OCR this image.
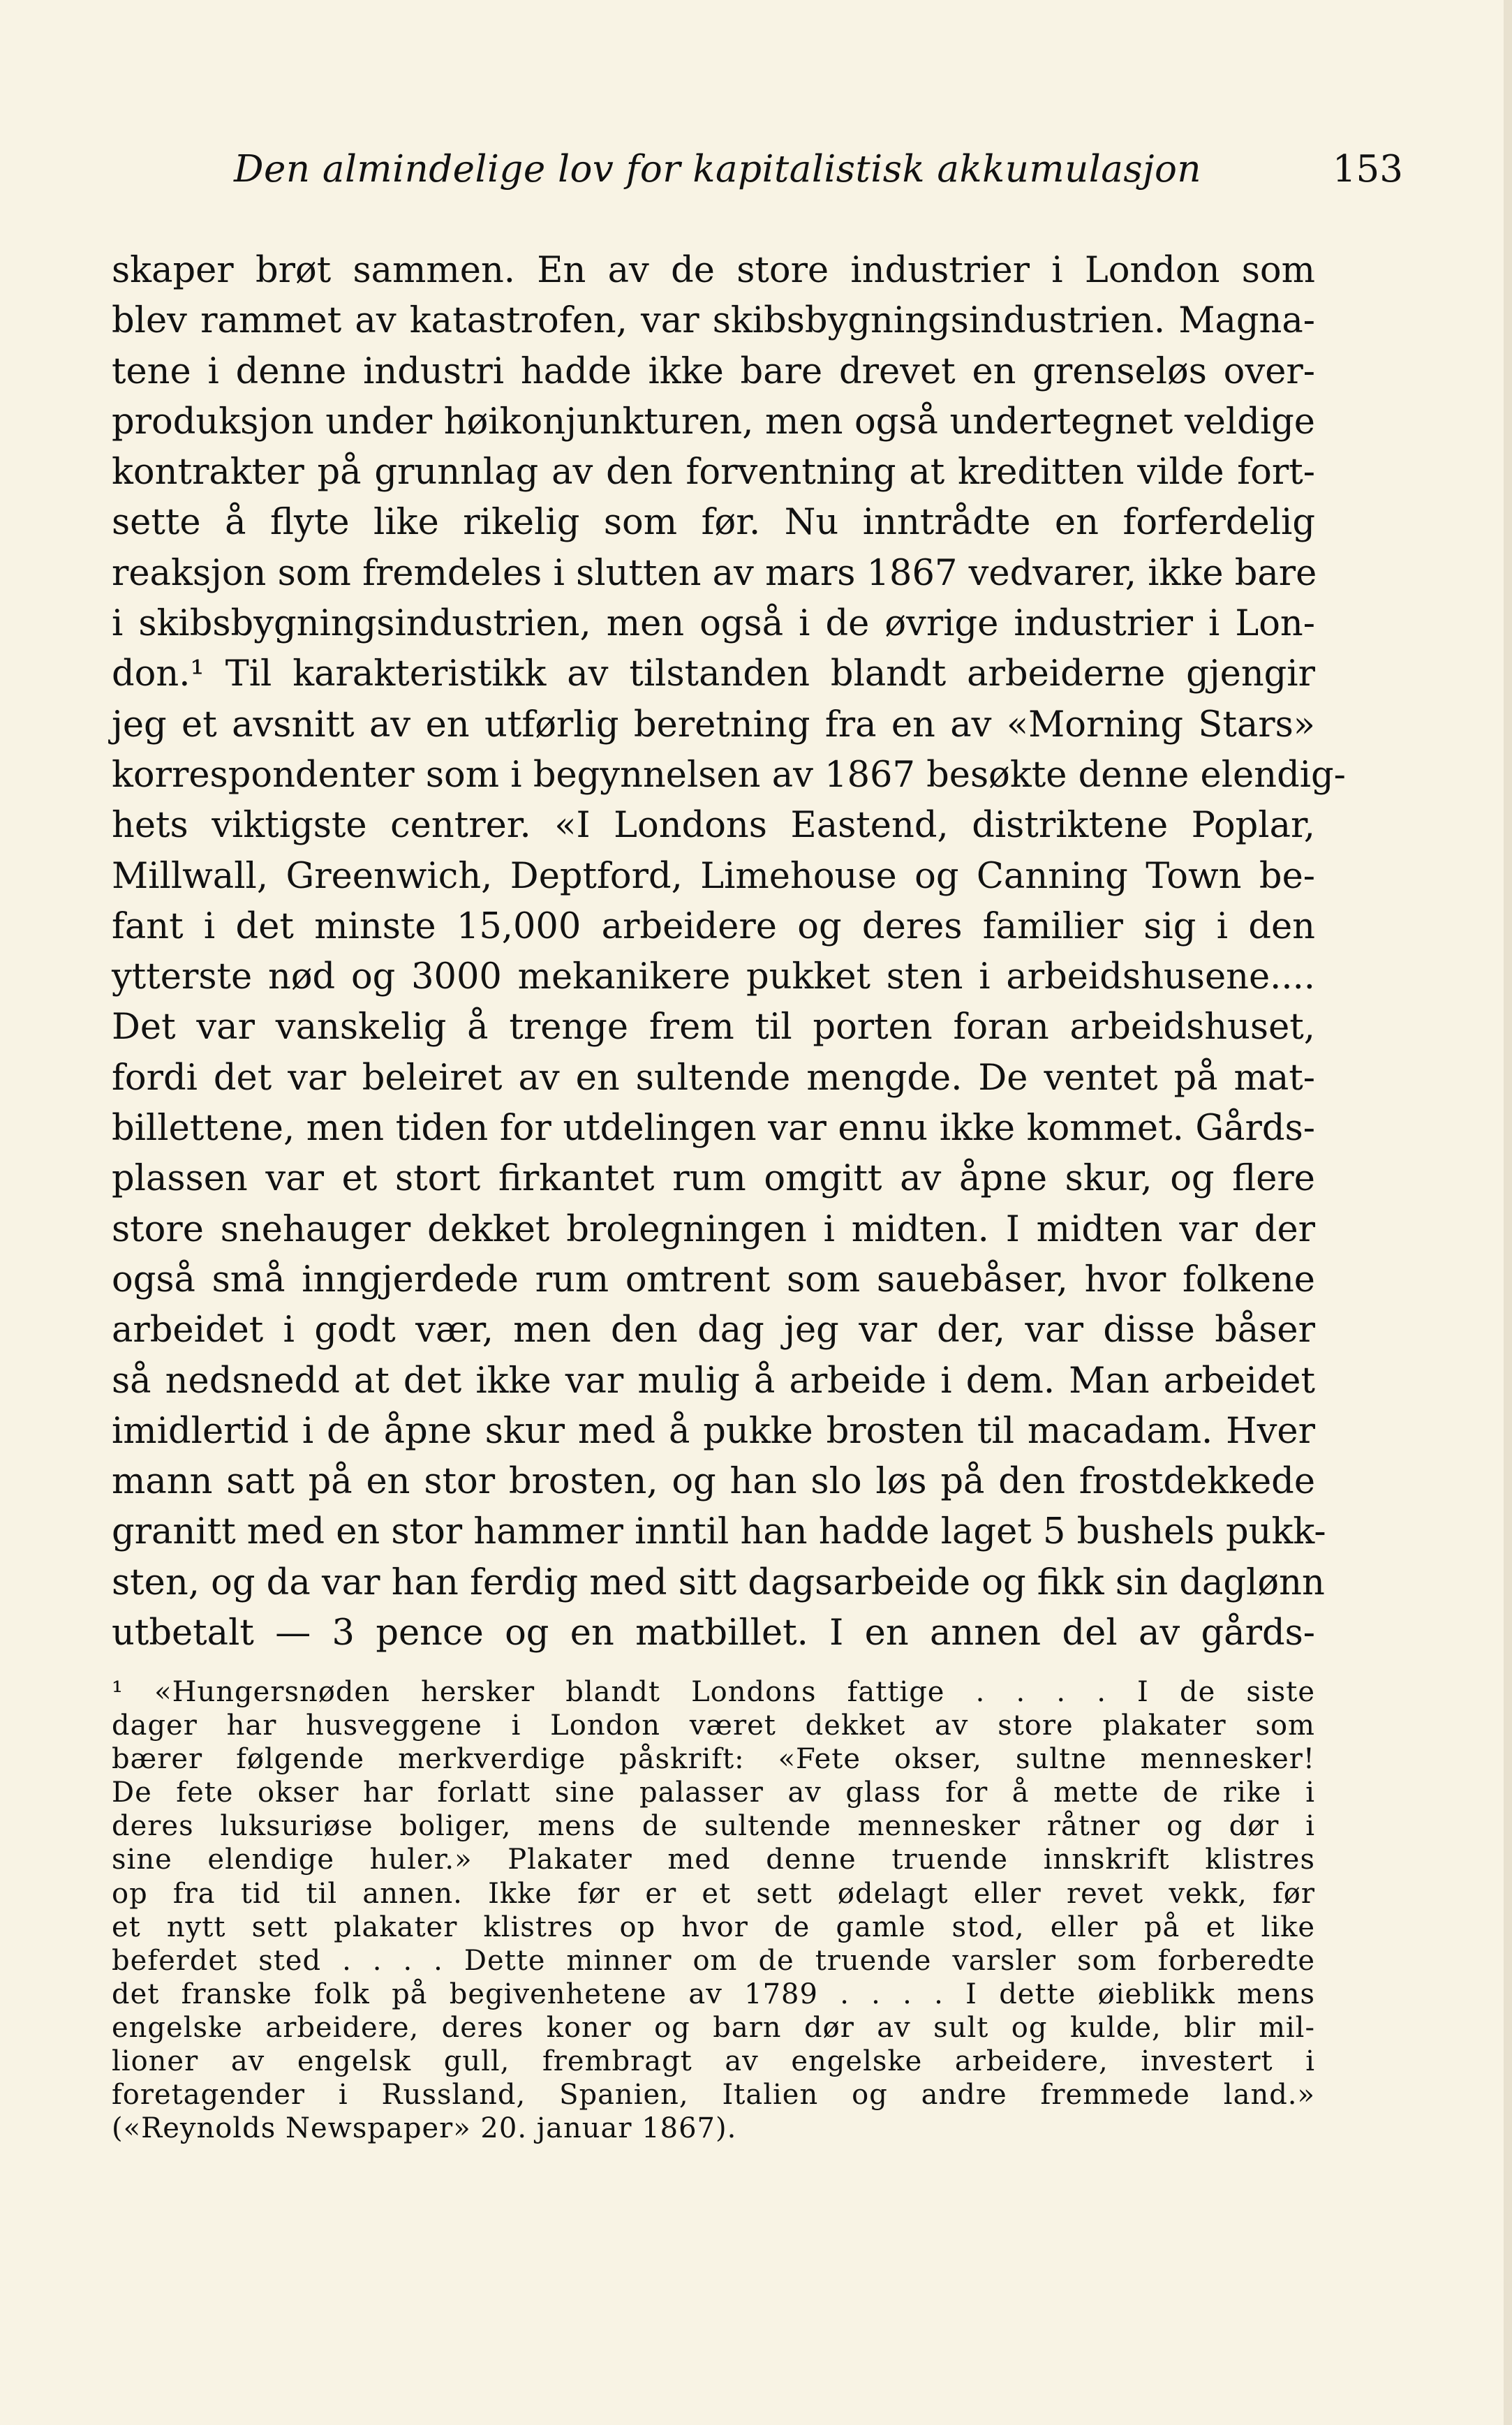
Den almindelige lov for kapitalistisk akkumulasjon	153
skaper brøt sammen. En av de store industrier i London som
blev rammet av katastrofen, var skibsbygningsindustrien. Magna-
tene i denne industri hadde ikke bare drevet en grenseløs over-
produksjon under høikonjunkturen, men også undertegnet veldige
kontrakter på grunnlag av den forventning at kreditten vilde fort-
sette å flyte like rikelig som før. Nu inntrådte en forferdelig
reaksjon som fremdeles i slutten av mars 1867 vedvarer, ikke bare
i skibsbygningsindustrien, men også i de øvrige industrier i Lon-
don.¹ Til karakteristikk av tilstanden blandt arbeiderne gjengir
jeg et avsnitt av en utførlig beretning fra en av «Morning Stars»
korrespondenter som i begynnelsen av 1867 besøkte denne elendig-
hets viktigste centrer. «I Londons Eastend, distriktene Poplar,
Millwall, Greenwich, Deptford, Limehouse og Canning Town be-
fant i det minste 15,000 arbeidere og deres familier sig i den
ytterste nød og 3000 mekanikere pukket sten i arbeidshusene....
Det var vanskelig å trenge frem til porten foran arbeidshuset,
fordi det var beleiret av en sultende mengde. De ventet på mat-
billettene, men tiden for utdelingen var ennu ikke kommet. Gårds-
plassen var et stort firkantet rum omgitt av åpne skur, og flere
store snehauger dekket brolegningen i midten. I midten var der
også små inngjerdede rum omtrent som sauebåser, hvor folkene
arbeidet i godt vær, men den dag jeg var der, var disse båser
så nedsnedd at det ikke var mulig å arbeide i dem. Man arbeidet
imidlertid i de åpne skur med å pukke brosten til macadam. Hver
mann satt på en stor brosten, og han slo løs på den frostdekkede
granitt med en stor hammer inntil han hadde laget 5 bushels pukk-
sten, og da var han ferdig med sitt dagsarbeide og fikk sin daglønn
utbetalt — 3 pence og en matbillet. I en annen del av gårds-
¹ «Hungersnøden hersker blandt Londons fattige . . . . I de siste
dager har husveggene i London været dekket av store plakater som
bærer følgende merkverdige påskrift: «Fete okser, sultne mennesker!
De fete okser har forlatt sine palasser av glass for å mette de rike i
deres luksuriøse boliger, mens de sultende mennesker råtner og dør i
sine elendige huler.» Plakater med denne truende innskrift klistres
op fra tid til annen. Ikke før er et sett ødelagt eller revet vekk, før
et nytt sett plakater klistres op hvor de gamle stod, eller på et like
beferdet sted . . . . Dette minner om de truende varsler som forberedte
det franske folk på begivenhetene av 1789 . . . . I dette øieblikk mens
engelske arbeidere, deres koner og barn dør av sult og kulde, blir mil-
lioner av engelsk gull, frembragt av engelske arbeidere, investert i
foretagender i Russland, Spanien, Italien og andre fremmede land.»
(«Reynolds Newspaper» 20. januar 1867).
